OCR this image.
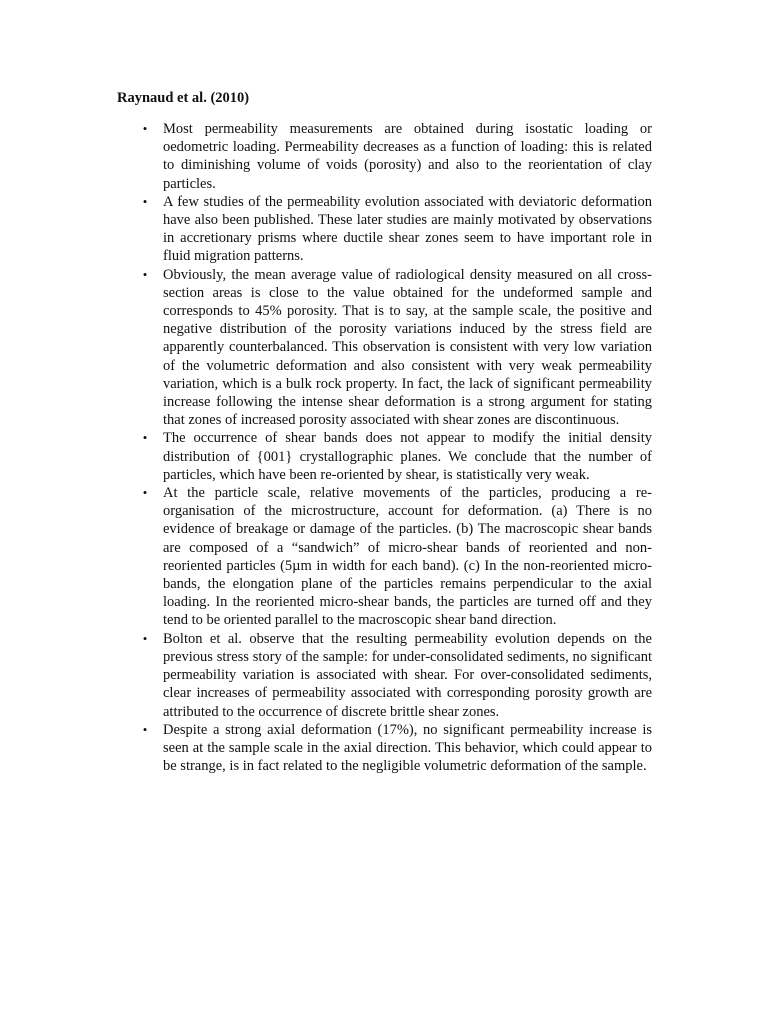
Raynaud et al. (2010)

• Most permeability measurements are obtained during isostatic loading or oedometric loading. Permeability decreases as a function of loading: this is related to diminishing volume of voids (porosity) and also to the reorientation of clay particles.
• A few studies of the permeability evolution associated with deviatoric deformation have also been published. These later studies are mainly motivated by observations in accretionary prisms where ductile shear zones seem to have important role in fluid migration patterns.
• Obviously, the mean average value of radiological density measured on all cross-section areas is close to the value obtained for the undeformed sample and corresponds to 45% porosity. That is to say, at the sample scale, the positive and negative distribution of the porosity variations induced by the stress field are apparently counterbalanced. This observation is consistent with very low variation of the volumetric deformation and also consistent with very weak permeability variation, which is a bulk rock property. In fact, the lack of significant permeability increase following the intense shear deformation is a strong argument for stating that zones of increased porosity associated with shear zones are discontinuous.
• The occurrence of shear bands does not appear to modify the initial density distribution of {001} crystallographic planes. We conclude that the number of particles, which have been re-oriented by shear, is statistically very weak.
• At the particle scale, relative movements of the particles, producing a re-organisation of the microstructure, account for deformation. (a) There is no evidence of breakage or damage of the particles. (b) The macroscopic shear bands are composed of a “sandwich” of micro-shear bands of reoriented and non-reoriented particles (5µm in width for each band). (c) In the non-reoriented micro-bands, the elongation plane of the particles remains perpendicular to the axial loading. In the reoriented micro-shear bands, the particles are turned off and they tend to be oriented parallel to the macroscopic shear band direction.
• Bolton et al. observe that the resulting permeability evolution depends on the previous stress story of the sample: for under-consolidated sediments, no significant permeability variation is associated with shear. For over-consolidated sediments, clear increases of permeability associated with corresponding porosity growth are attributed to the occurrence of discrete brittle shear zones.
• Despite a strong axial deformation (17%), no significant permeability increase is seen at the sample scale in the axial direction. This behavior, which could appear to be strange, is in fact related to the negligible volumetric deformation of the sample.
